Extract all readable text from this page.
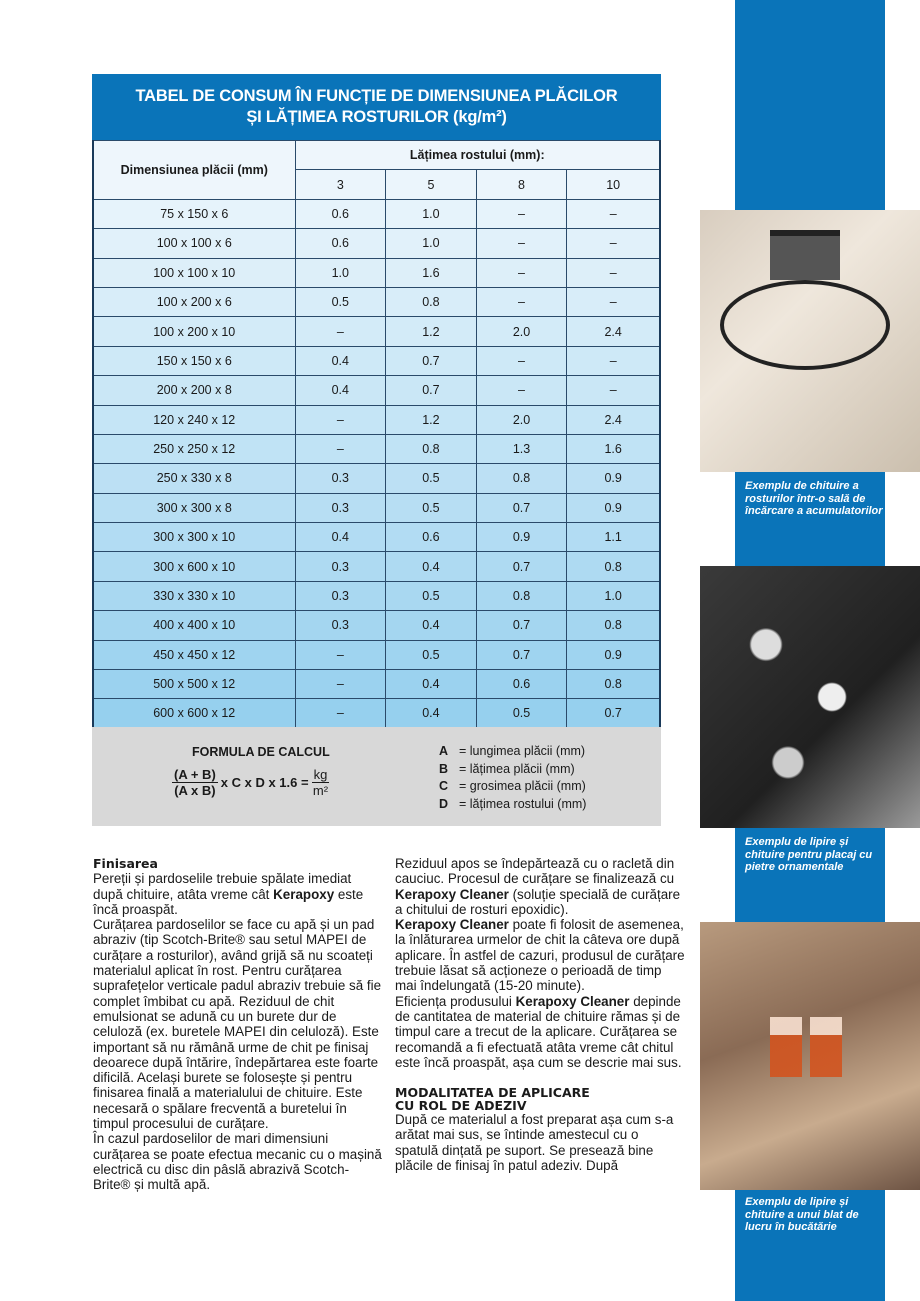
Exemplu de chituire a rosturilor într-o sală de încărcare a acumulatorilor
Exemplu de lipire și chituire pentru placaj cu pietre ornamentale
Exemplu de lipire și chituire a unui blat de lucru în bucătărie
TABEL DE CONSUM ÎN FUNCȚIE DE DIMENSIUNEA PLĂCILOR
ȘI LĂȚIMEA ROSTURILOR (kg/m²)
Dimensiunea plăcii (mm)	Lățimea rostului (mm):			
	3	5	8	10
75 x 150 x 6	0.6	1.0	–	–
100 x 100 x 6	0.6	1.0	–	–
100 x 100 x 10	1.0	1.6	–	–
100 x 200 x 6	0.5	0.8	–	–
100 x 200 x 10	–	1.2	2.0	2.4
150 x 150 x 6	0.4	0.7	–	–
200 x 200 x 8	0.4	0.7	–	–
120 x 240 x 12	–	1.2	2.0	2.4
250 x 250 x 12	–	0.8	1.3	1.6
250 x 330 x 8	0.3	0.5	0.8	0.9
300 x 300 x 8	0.3	0.5	0.7	0.9
300 x 300 x 10	0.4	0.6	0.9	1.1
300 x 600 x 10	0.3	0.4	0.7	0.8
330 x 330 x 10	0.3	0.5	0.8	1.0
400 x 400 x 10	0.3	0.4	0.7	0.8
450 x 450 x 12	–	0.5	0.7	0.9
500 x 500 x 12	–	0.4	0.6	0.8
600 x 600 x 12	–	0.4	0.5	0.7
FORMULA DE CALCUL
$\frac{(A + B)}{\text{(A x B)}}$ x C x D x $1.6 = \frac{kg}{\text{m²}}$
A = lungimea plăcii (mm)
B = lățimea plăcii (mm)
C = grosimea plăcii (mm)
D = lățimea rostului (mm)
Finisarea
Pereții și pardoselile trebuie spălate imediat după chituire, atâta vreme cât Kerapoxy este încă proaspăt.
Curățarea pardoselilor se face cu apă și un pad abraziv (tip Scotch-Brite® sau setul MAPEI de curățare a rosturilor), având grijă să nu scoateți materialul aplicat în rost. Pentru curățarea suprafețelor verticale padul abraziv trebuie să fie complet îmbibat cu apă. Reziduul de chit emulsionat se adună cu un burete dur de celuloză (ex. buretele MAPEI din celuloză). Este important să nu rămână urme de chit pe finisaj deoarece după întărire, îndepărtarea este foarte dificilă. Același burete se folosește și pentru finisarea finală a materialului de chituire. Este necesară o spălare frecventă a buretelui în timpul procesului de curățare.
În cazul pardoselilor de mari dimensiuni curățarea se poate efectua mecanic cu o mașină electrică cu disc din pâslă abrazivă Scotch-Brite® și multă apă.
Reziduul apos se îndepărtează cu o racletă din cauciuc. Procesul de curățare se finalizează cu Kerapoxy Cleaner (soluție specială de curățare a chitului de rosturi epoxidic).
Kerapoxy Cleaner poate fi folosit de asemenea, la înlăturarea urmelor de chit la câteva ore după aplicare. În astfel de cazuri, produsul de curățare trebuie lăsat să acționeze o perioadă de timp mai îndelungată (15-20 minute).
Eficiența produsului Kerapoxy Cleaner depinde de cantitatea de material de chituire rămas și de timpul care a trecut de la aplicare. Curățarea se recomandă a fi efectuată atâta vreme cât chitul este încă proaspăt, așa cum se descrie mai sus.
MODALITATEA DE APLICARE
CU ROL DE ADEZIV
După ce materialul a fost preparat așa cum s-a arătat mai sus, se întinde amestecul cu o spatulă dințată pe suport. Se presează bine plăcile de finisaj în patul adeziv. După
